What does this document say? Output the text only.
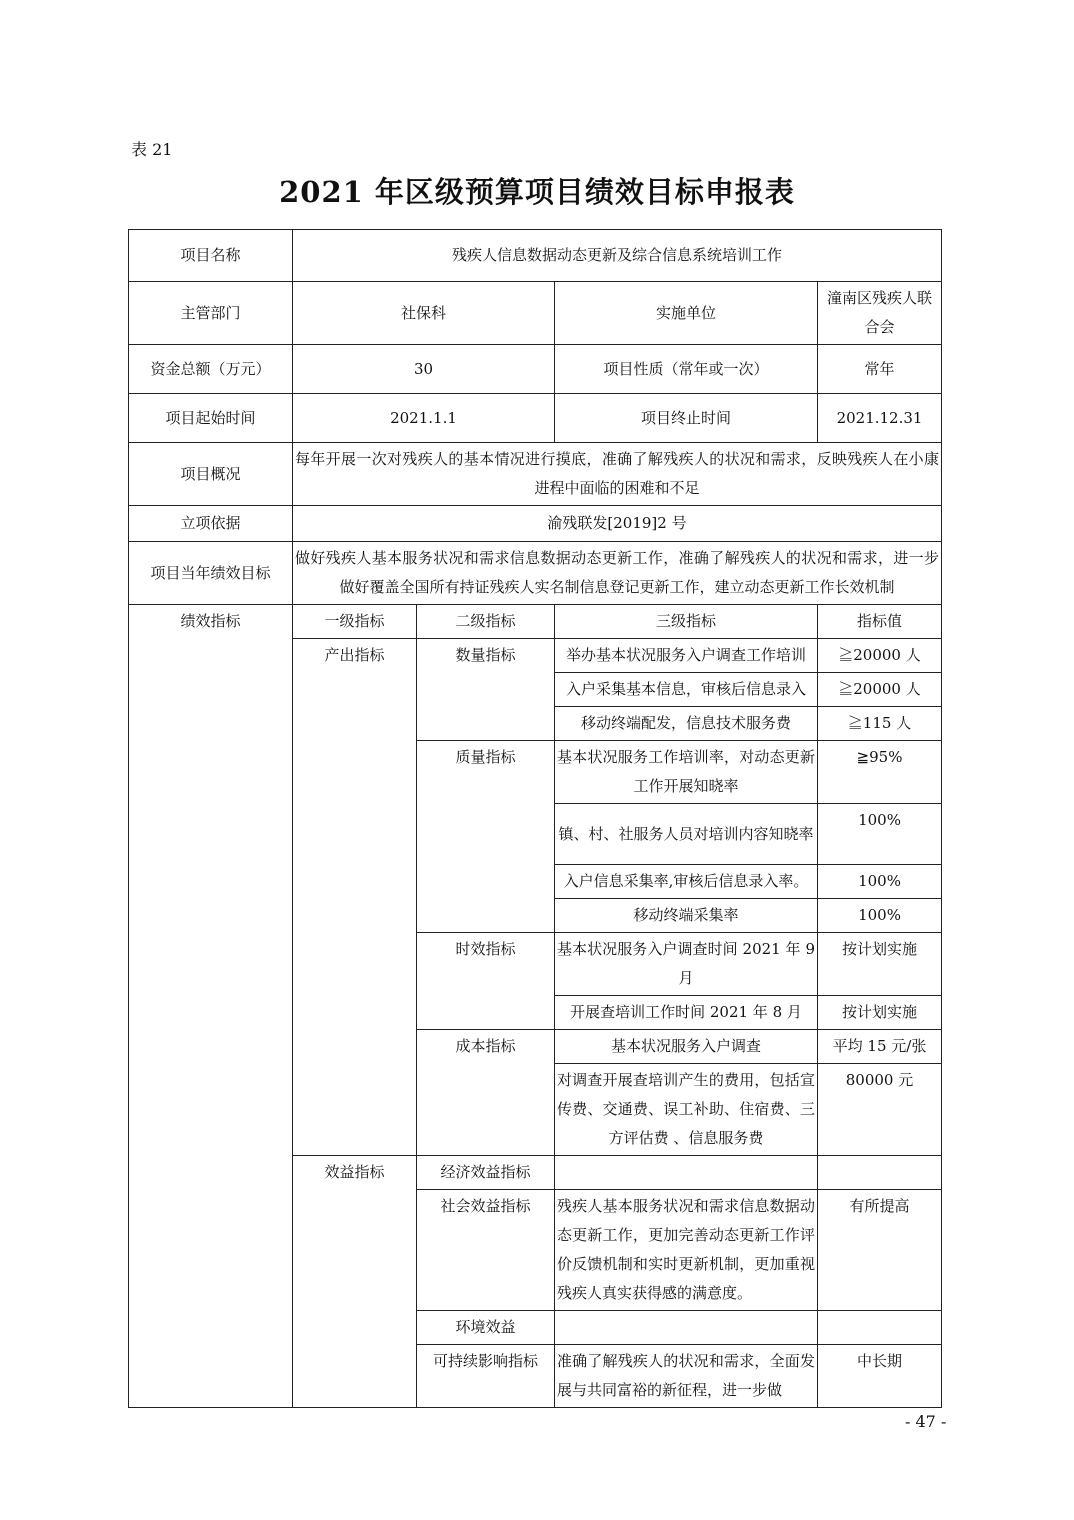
表 21
2021 年区级预算项目绩效目标申报表
项目名称	残疾人信息数据动态更新及综合信息系统培训工作			
主管部门	社保科		实施单位	潼南区残疾人联合会
资金总额（万元）	30		项目性质（常年或一次）	常年
项目起始时间	2021.1.1		项目终止时间	2021.12.31
项目概况	每年开展一次对残疾人的基本情况进行摸底，准确了解残疾人的状况和需求，反映残疾人在小康进程中面临的困难和不足			
立项依据	渝残联发[2019]2 号			
项目当年绩效目标	做好残疾人基本服务状况和需求信息数据动态更新工作，准确了解残疾人的状况和需求，进一步做好覆盖全国所有持证残疾人实名制信息登记更新工作，建立动态更新工作长效机制			
绩效指标	一级指标	二级指标	三级指标	指标值
	产出指标	数量指标	举办基本状况服务入户调查工作培训	≧20000 人
			入户采集基本信息，审核后信息录入	≧20000 人
			移动终端配发，信息技术服务费	≧115 人
		质量指标	基本状况服务工作培训率，对动态更新工作开展知晓率	≧95%
			镇、村、社服务人员对培训内容知晓率	100%
			入户信息采集率,审核后信息录入率。	100%
			移动终端采集率	100%
		时效指标	基本状况服务入户调查时间 2021 年 9 月	按计划实施
			开展查培训工作时间 2021 年 8 月	按计划实施
		成本指标	基本状况服务入户调查	平均 15 元/张
			对调查开展查培训产生的费用，包括宣传费、交通费、误工补助、住宿费、三方评估费 、信息服务费	80000 元
	效益指标	经济效益指标		
		社会效益指标	残疾人基本服务状况和需求信息数据动态更新工作，更加完善动态更新工作评价反馈机制和实时更新机制，更加重视残疾人真实获得感的满意度。	有所提高
		环境效益		
		可持续影响指标	准确了解残疾人的状况和需求，全面发展与共同富裕的新征程，进一步做	中长期
- 47 -
